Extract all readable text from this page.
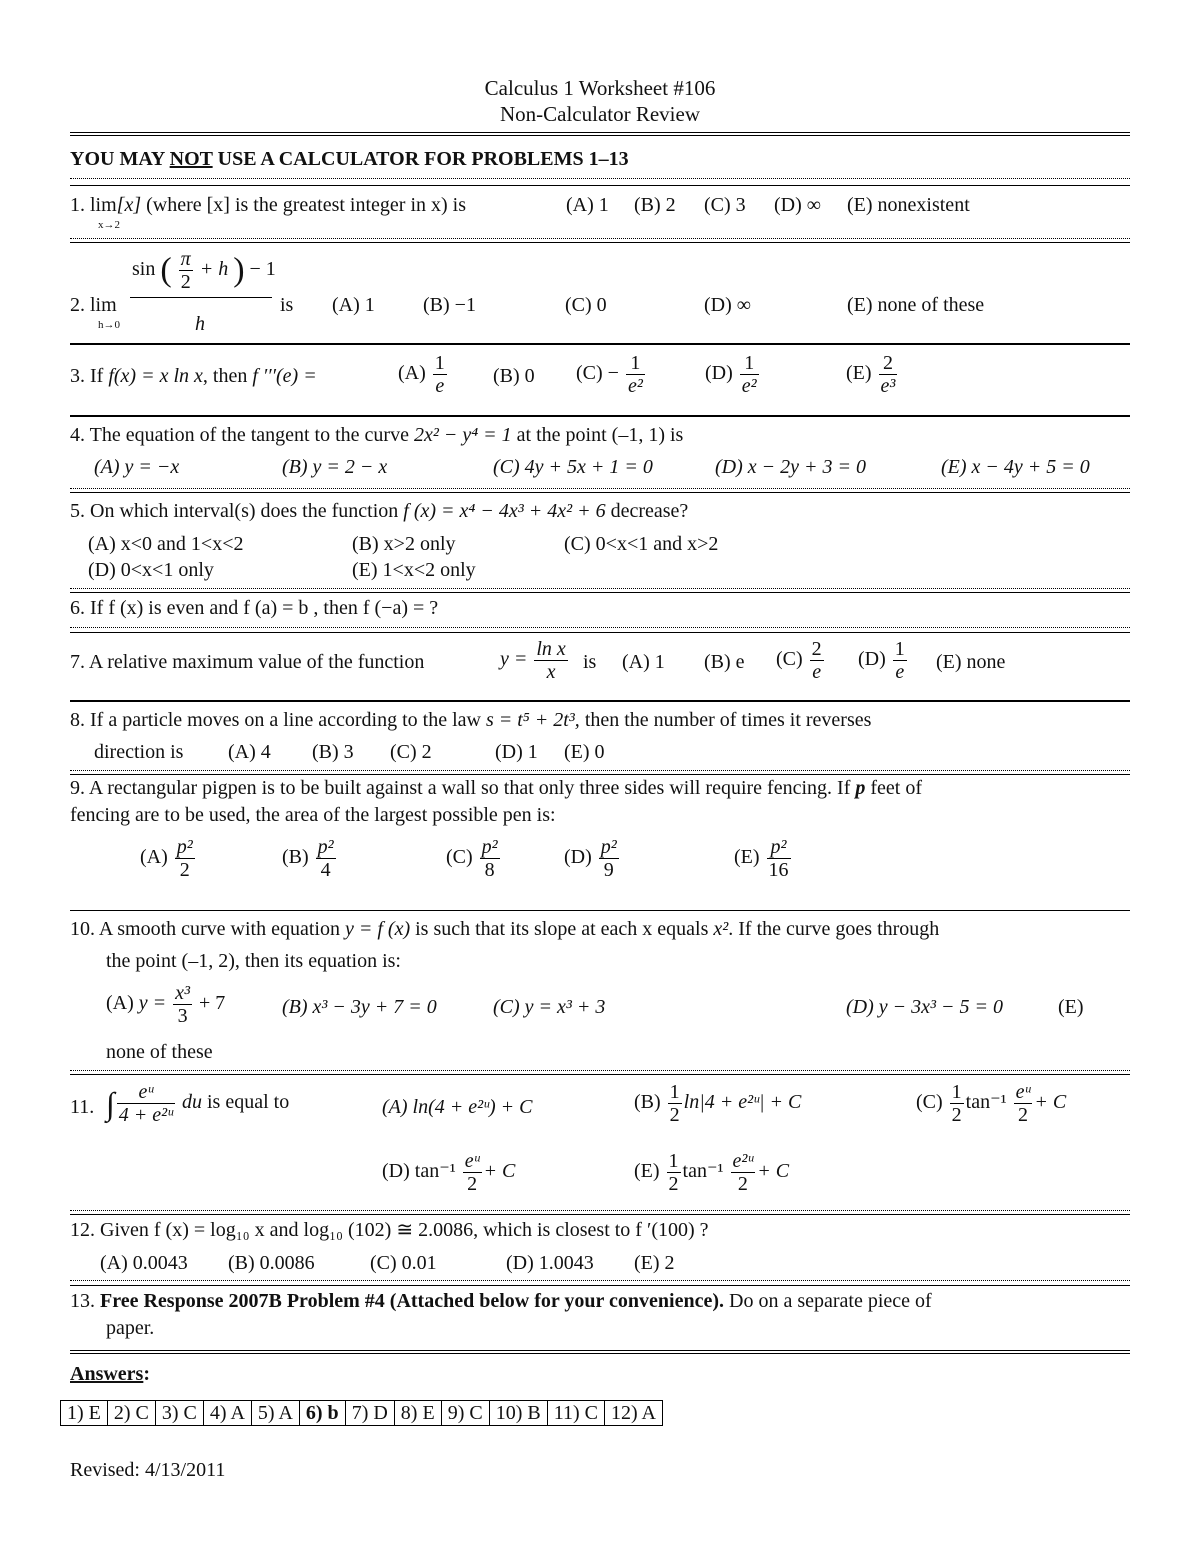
Calculus 1 Worksheet #106
Non-Calculator Review
YOU MAY NOT USE A CALCULATOR FOR PROBLEMS 1–13
1. lim[x] (where [x] is the greatest integer in x) is
x→2
(A) 1 (B) 2 (C) 3 (D) ∞ (E) nonexistent
sin ( $\frac{\pi}{2} + h$ ) − 1
h
2. lim
h→0
is (A) 1 (B) −1	(C) 0	(D) ∞	(E) none of these
3. If f(x) = x ln x, then f ′′′(e) =	$(A) \frac{1}{e} (B)$ 0 $(C) - \frac{1}{\text{e²}}$	$(D) \frac{1}{\text{e²}}$	$(E) \frac{2}{\text{e³}}$
4. The equation of the tangent to the curve 2x² − y⁴ = 1 at the point (–1, 1) is
(A) y = −x	(B) y = 2 − x	(C) 4y + 5x + 1 = 0	(D) x − 2y + 3 = 0	(E) x − 4y + 5 = 0
5. On which interval(s) does the function f (x) = x⁴ − 4x³ + 4x² + 6 decrease?
(A) x<0 and 1<x<2	(B) x>2 only	(C) 0<x<1 and x>2
(D) 0<x<1 only	(E) 1<x<2 only
6. If f (x) is even and f (a) = b , then f (−a) = ?
7. A relative maximum value of the function	$y = \frac{\text{ln x}}{x}$ is (A) 1 (B) e $(C) \frac{2}{e} (D) \frac{1}{e} (E)$ none
8. If a particle moves on a line according to the law s = t⁵ + 2t³, then the number of times it reverses
direction is (A) 4 (B) 3 (C) 2	(D) 1 (E) 0
9. A rectangular pigpen is to be built against a wall so that only three sides will require fencing. If p feet of
fencing are to be used, the area of the largest possible pen is:
$(A) \frac{\text{p²}}{2}$	$(B) \frac{\text{p²}}{4}$	$(C) \frac{\text{p²}}{8}$	$(D) \frac{\text{p²}}{9}$	$(E) \frac{\text{p²}}{16}$
10. A smooth curve with equation y = f (x) is such that its slope at each x equals x². If the curve goes through
the point (–1, 2), then its equation is:
(A) $y = \frac{\text{x³}}{3} + 7$	(B) x³ − 3y + 7 = 0	(C) y = x³ + 3	(D) y − 3x³ − 5 = 0	(E)
none of these
11. ∫ $\frac{\text{eᵘ}}{\text{4 + e²ᵘ}}$ du is equal to	(A) ln(4 + e²ᵘ) + C	$(B) \frac{1}{2} \ln|4$ + e²ᵘ| + C	$(C) \frac{1}{2} \tan^{-1} \frac{\text{eᵘ}}{2} + C$
(D) $\tan^{-1} \frac{\text{eᵘ}}{2} + C$	$(E) \frac{1}{2} \tan^{-1} \frac{\text{e²ᵘ}}{2} + C$
12. Given f (x) = log₁₀ x and log₁₀ (102) ≅ 2.0086, which is closest to f ′(100) ?
(A) 0.0043 (B) 0.0086	(C) 0.01	(D) 1.0043 (E) 2
13. Free Response 2007B Problem #4 (Attached below for your convenience). Do on a separate piece of
paper.
Answers:
1) E 2) C 3) C 4) A 5) A 6) b 7) D 8) E 9) C 10) B 11) C 12) A
Revised: 4/13/2011
